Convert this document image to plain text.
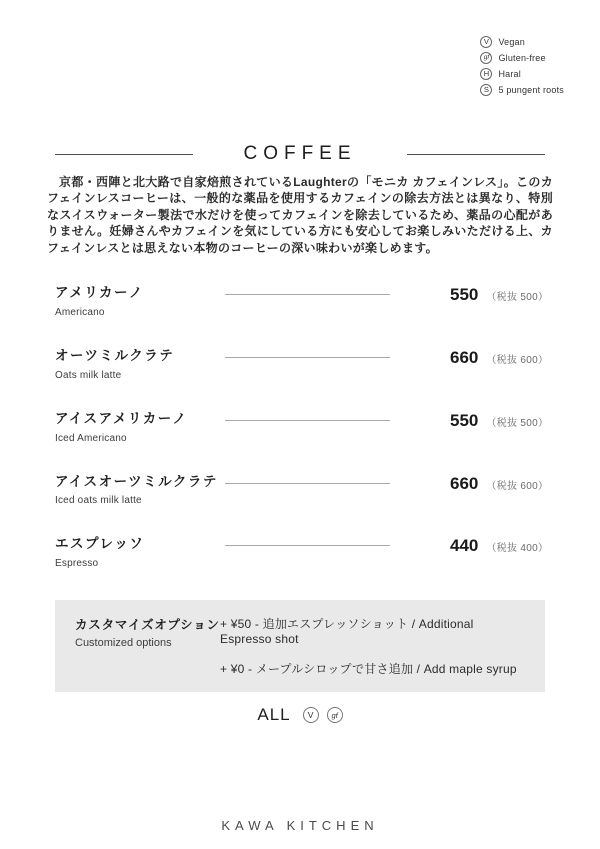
V	Vegan
gf	Gluten-free
H	Haral
S	5 pungent roots
COFFEE

京都・西陣と北大路で自家焙煎されているLaughterの「モニカ カフェインレス」。このカフェインレスコーヒーは、一般的な薬品を使用するカフェインの除去方法とは異なり、特別なスイスウォーター製法で水だけを使ってカフェインを除去しているため、薬品の心配がありません。妊婦さんやカフェインを気にしている方にも安心してお楽しみいただける上、カフェインレスとは思えない本物のコーヒーの深い味わいが楽しめます。

アメリカーノ
Americano
550 （税抜 500）
オーツミルクラテ
Oats milk latte
660 （税抜 600）
アイスアメリカーノ
Iced Americano
550 （税抜 500）
アイスオーツミルクラテ
Iced oats milk latte
660 （税抜 600）
エスプレッソ
Espresso
440 （税抜 400）
カスタマイズオプション
Customized options
+ ¥50 - 追加エスプレッソショット / Additional Espresso shot
+ ¥0 - メープルシロップで甘さ追加 / Add maple syrup
ALL	V	gf
KAWA KITCHEN
